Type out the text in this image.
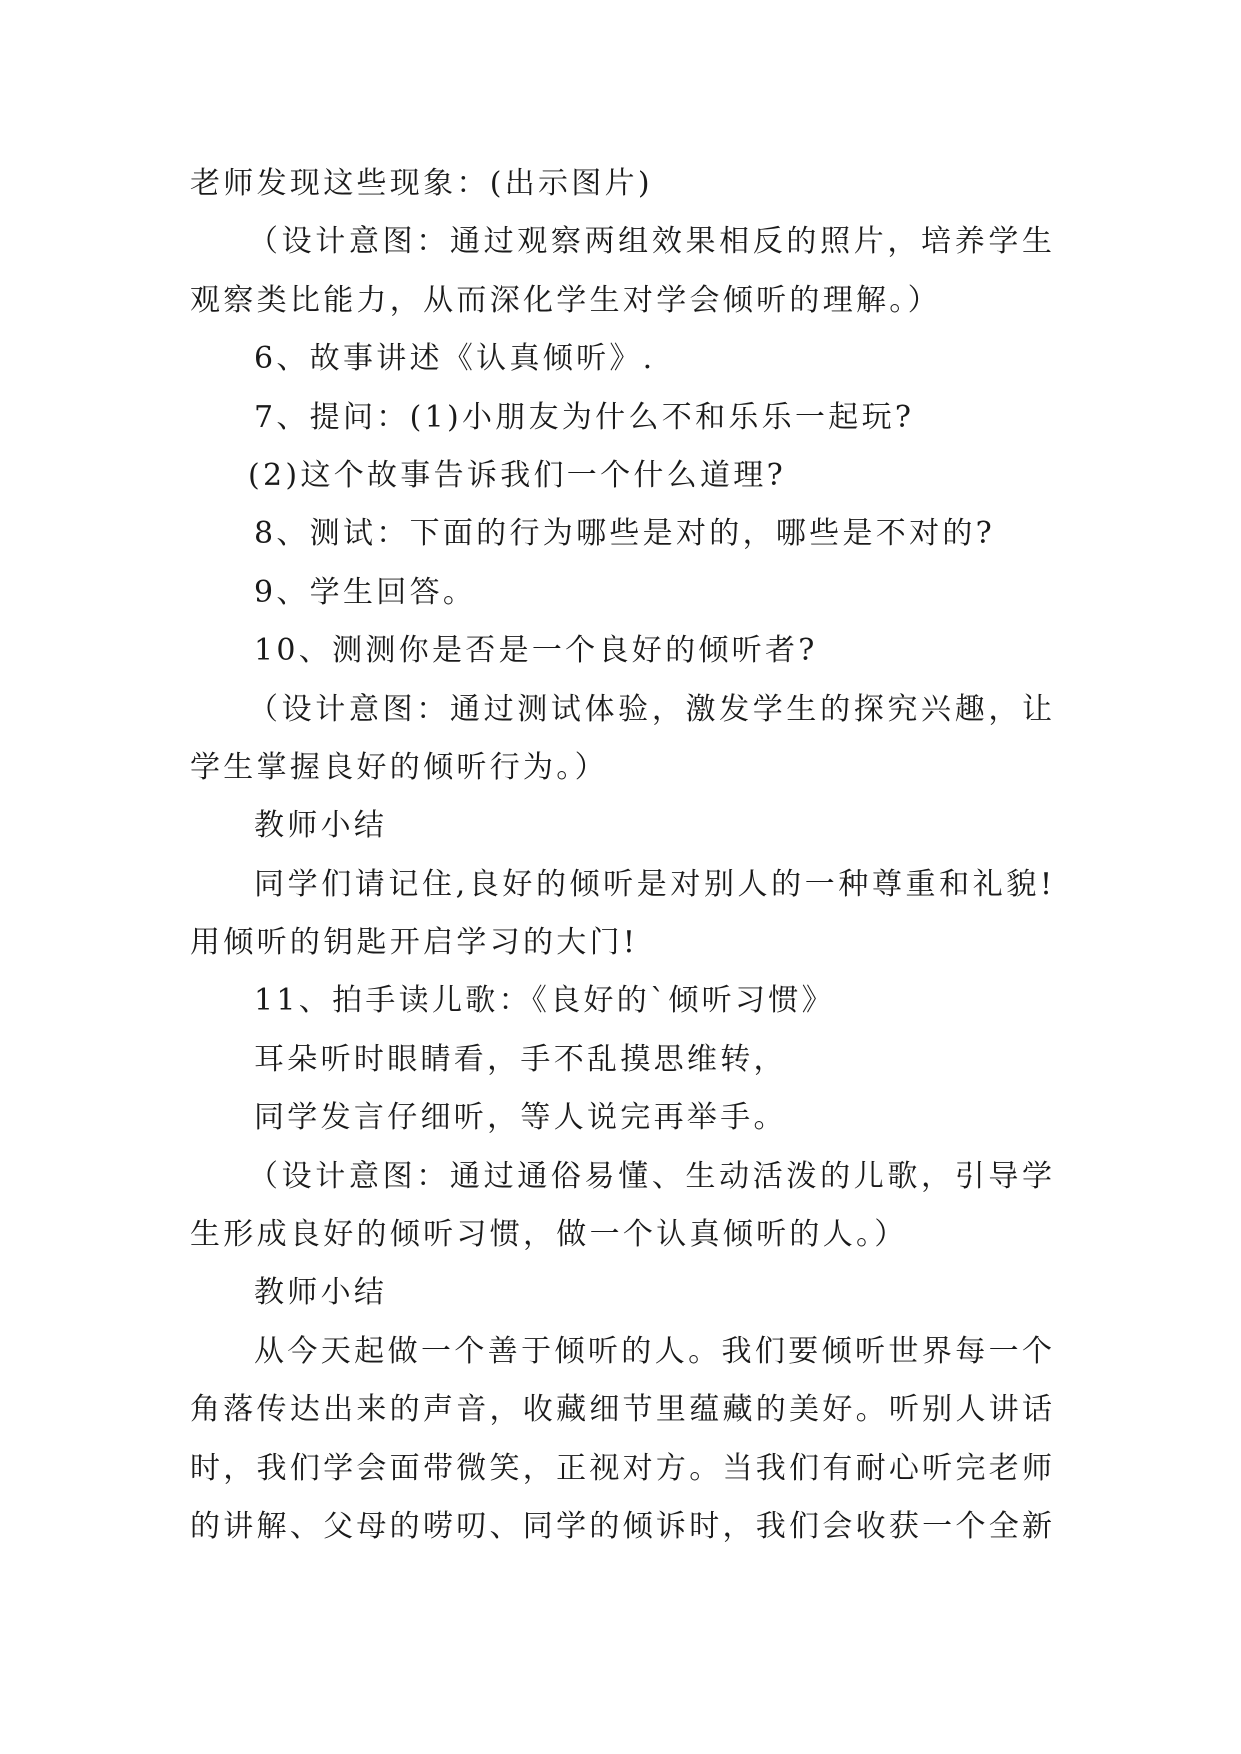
老师发现这些现象：(出示图片)
（设计意图：通过观察两组效果相反的照片，培养学生
观察类比能力，从而深化学生对学会倾听的理解。）
6、故事讲述《认真倾听》.
7、提问：(1)小朋友为什么不和乐乐一起玩?
(2)这个故事告诉我们一个什么道理?
8、测试：下面的行为哪些是对的，哪些是不对的?
9、学生回答。
10、测测你是否是一个良好的倾听者?
（设计意图：通过测试体验，激发学生的探究兴趣，让
学生掌握良好的倾听行为。）
教师小结
同学们请记住,良好的倾听是对别人的一种尊重和礼貌!
用倾听的钥匙开启学习的大门!
11、拍手读儿歌：《良好的`倾听习惯》
耳朵听时眼睛看，手不乱摸思维转，
同学发言仔细听，等人说完再举手。
（设计意图：通过通俗易懂、生动活泼的儿歌，引导学
生形成良好的倾听习惯，做一个认真倾听的人。）
教师小结
从今天起做一个善于倾听的人。我们要倾听世界每一个
角落传达出来的声音，收藏细节里蕴藏的美好。听别人讲话
时，我们学会面带微笑，正视对方。当我们有耐心听完老师
的讲解、父母的唠叨、同学的倾诉时，我们会收获一个全新
